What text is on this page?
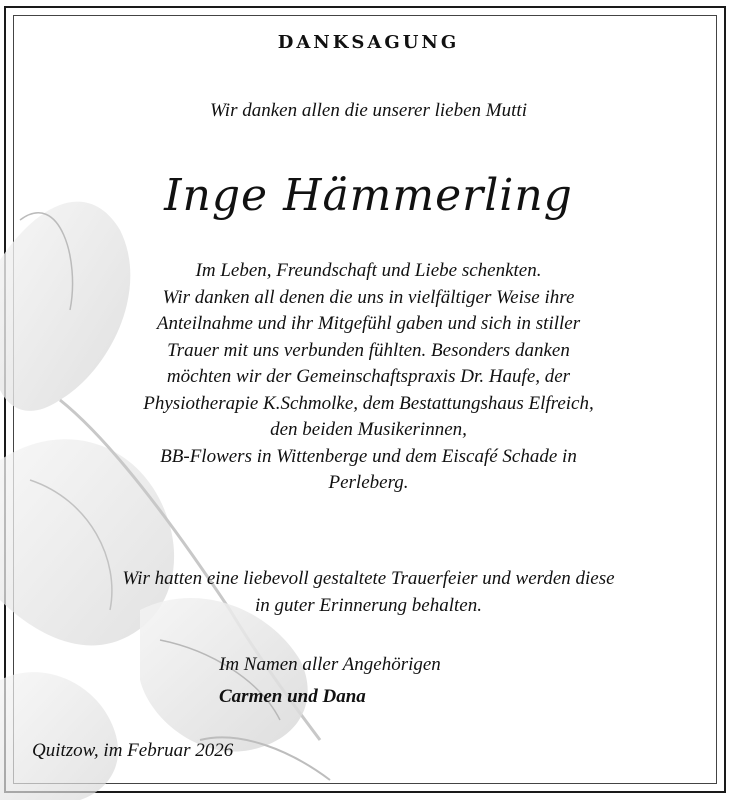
DANKSAGUNG
Wir danken allen die unserer lieben Mutti
Inge Hämmerling
Im Leben, Freundschaft und Liebe schenkten.
Wir danken all denen die uns in vielfältiger Weise ihre
Anteilnahme und ihr Mitgefühl gaben und sich in stiller
Trauer mit uns verbunden fühlten. Besonders danken
möchten wir der Gemeinschaftspraxis Dr. Haufe, der
Physiotherapie K.Schmolke, dem Bestattungshaus Elfreich,
den beiden Musikerinnen,
BB-Flowers in Wittenberge und dem Eiscafé Schade in
Perleberg.
Wir hatten eine liebevoll gestaltete Trauerfeier und werden diese
in guter Erinnerung behalten.
Im Namen aller Angehörigen
Carmen und Dana
Quitzow, im Februar 2026
